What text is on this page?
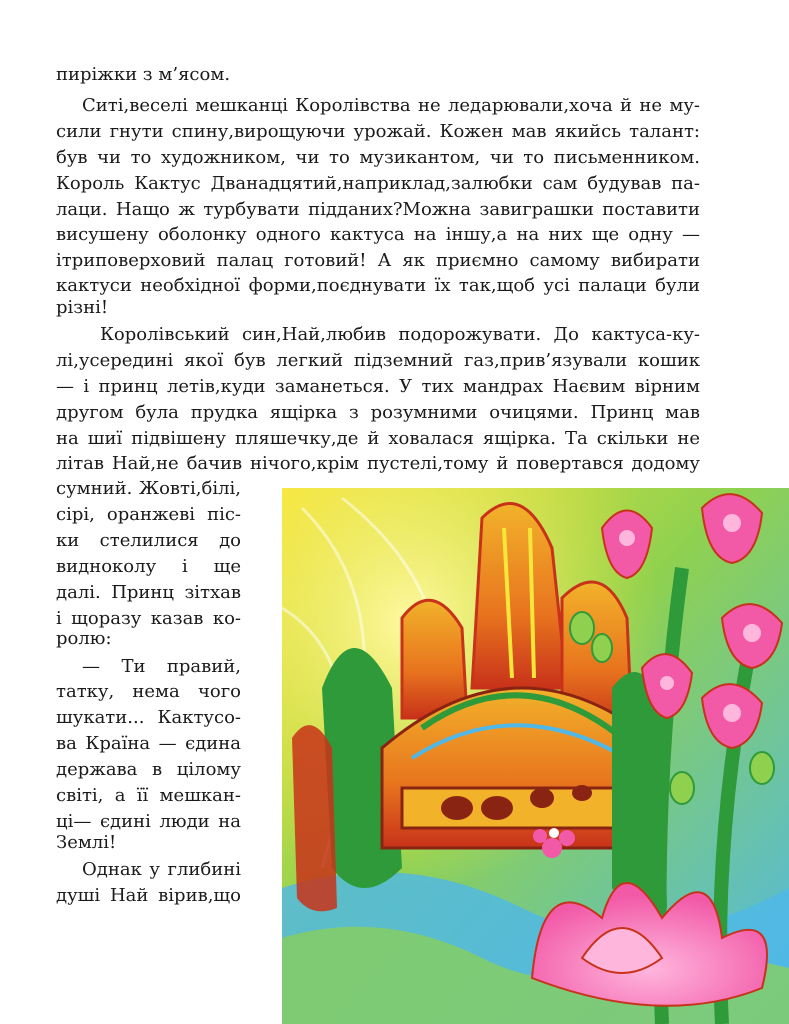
пиріжки з м’ясом.

Ситі,веселі мешканці Королівства не ледарювали,хоча й не му-

сили гнути спину,вирощуючи урожай. Кожен мав якийсь талант:

був чи то художником, чи то музикантом, чи то письменником.

Король Кактус Дванадцятий,наприклад,залюбки сам будував па-

лаци. Нащо ж турбувати підданих?Можна завиграшки поставити

висушену оболонку одного кактуса на іншу,а на них ще одну —

ітриповерховий палац готовий! А як приємно самому вибирати

кактуси необхідної форми,поєднувати їх так,щоб усі палаци були

різні!

Королівський син,Най,любив подорожувати. До кактуса-ку-

лі,усередині якої був легкий підземний газ,прив’язували кошик

— і принц летів,куди заманеться. У тих мандрах Наєвим вірним

другом була прудка ящірка з розумними очицями. Принц мав

на шиї підвішену пляшечку,де й ховалася ящірка. Та скільки не

літав Най,не бачив нічого,крім пустелі,тому й повертався додому

сумний. Жовті,білі,

сірі, оранжеві піс-

ки стелилися до

видноколу і ще

далі. Принц зітхав

і щоразу казав ко-

ролю:

— Ти правий,

татку, нема чого

шукати... Кактусо-

ва Країна — єдина

держава в цілому

світі, а її мешкан-

ці— єдині люди на

Землі!

Однак у глибині

душі Най вірив,що
